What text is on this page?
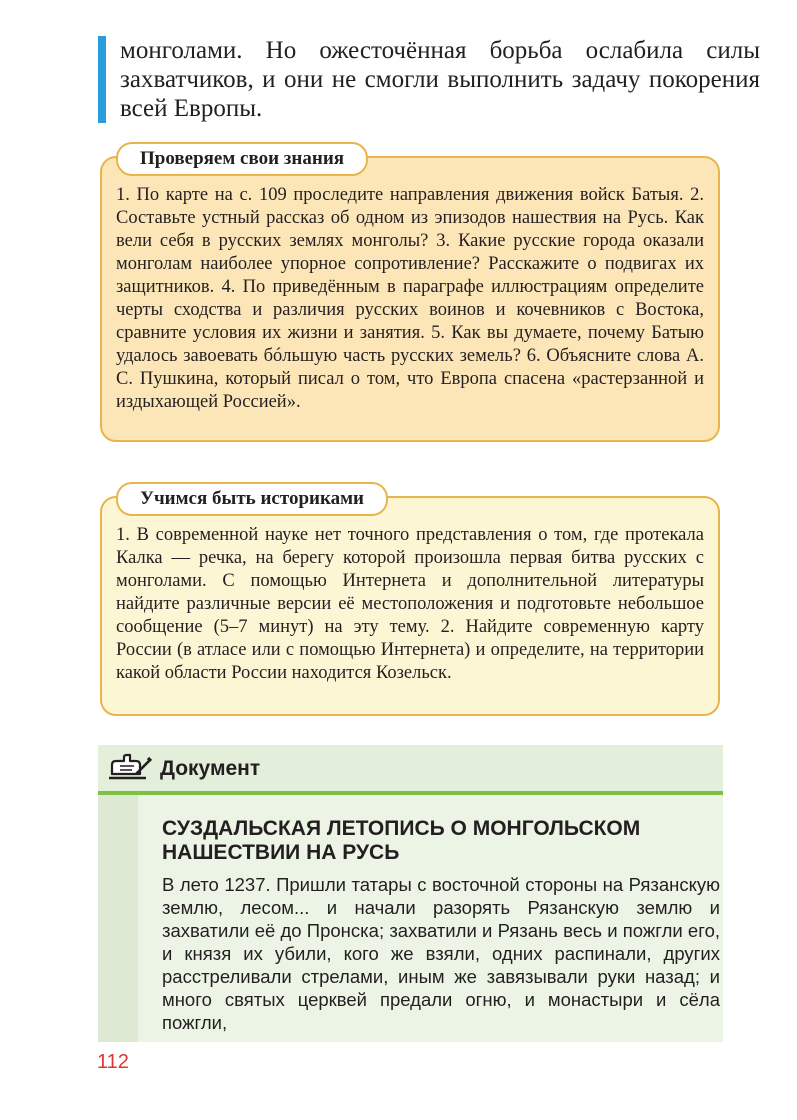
монголами. Но ожесточённая борьба ослабила силы захватчиков, и они не смогли выполнить задачу покорения всей Европы.

Проверяем свои знания

1. По карте на с. 109 проследите направления движения войск Батыя. 2. Составьте устный рассказ об одном из эпизодов нашествия на Русь. Как вели себя в русских землях монголы? 3. Какие русские города оказали монголам наиболее упорное сопротивление? Расскажите о подвигах их защитников. 4. По приведённым в параграфе иллюстрациям определите черты сходства и различия русских воинов и кочевников с Востока, сравните условия их жизни и занятия. 5. Как вы думаете, почему Батыю удалось завоевать бóльшую часть русских земель? 6. Объясните слова А. С. Пушкина, который писал о том, что Европа спасена «растерзанной и издыхающей Россией».

Учимся быть историками

1. В современной науке нет точного представления о том, где протекала Калка — речка, на берегу которой произошла первая битва русских с монголами. С помощью Интернета и дополнительной литературы найдите различные версии её местоположения и подготовьте небольшое сообщение (5–7 минут) на эту тему. 2. Найдите современную карту России (в атласе или с помощью Интернета) и определите, на территории какой области России находится Козельск.

Документ
СУЗДАЛЬСКАЯ ЛЕТОПИСЬ О МОНГОЛЬСКОМ НАШЕСТВИИ НА РУСЬ

В лето 1237. Пришли татары с восточной стороны на Рязанскую землю, лесом... и начали разорять Рязанскую землю и захватили её до Пронска; захватили и Рязань весь и пожгли его, и князя их убили, кого же взяли, одних распинали, других расстреливали стрелами, иным же завязывали руки назад; и много святых церквей предали огню, и монастыри и сёла пожгли,

112
